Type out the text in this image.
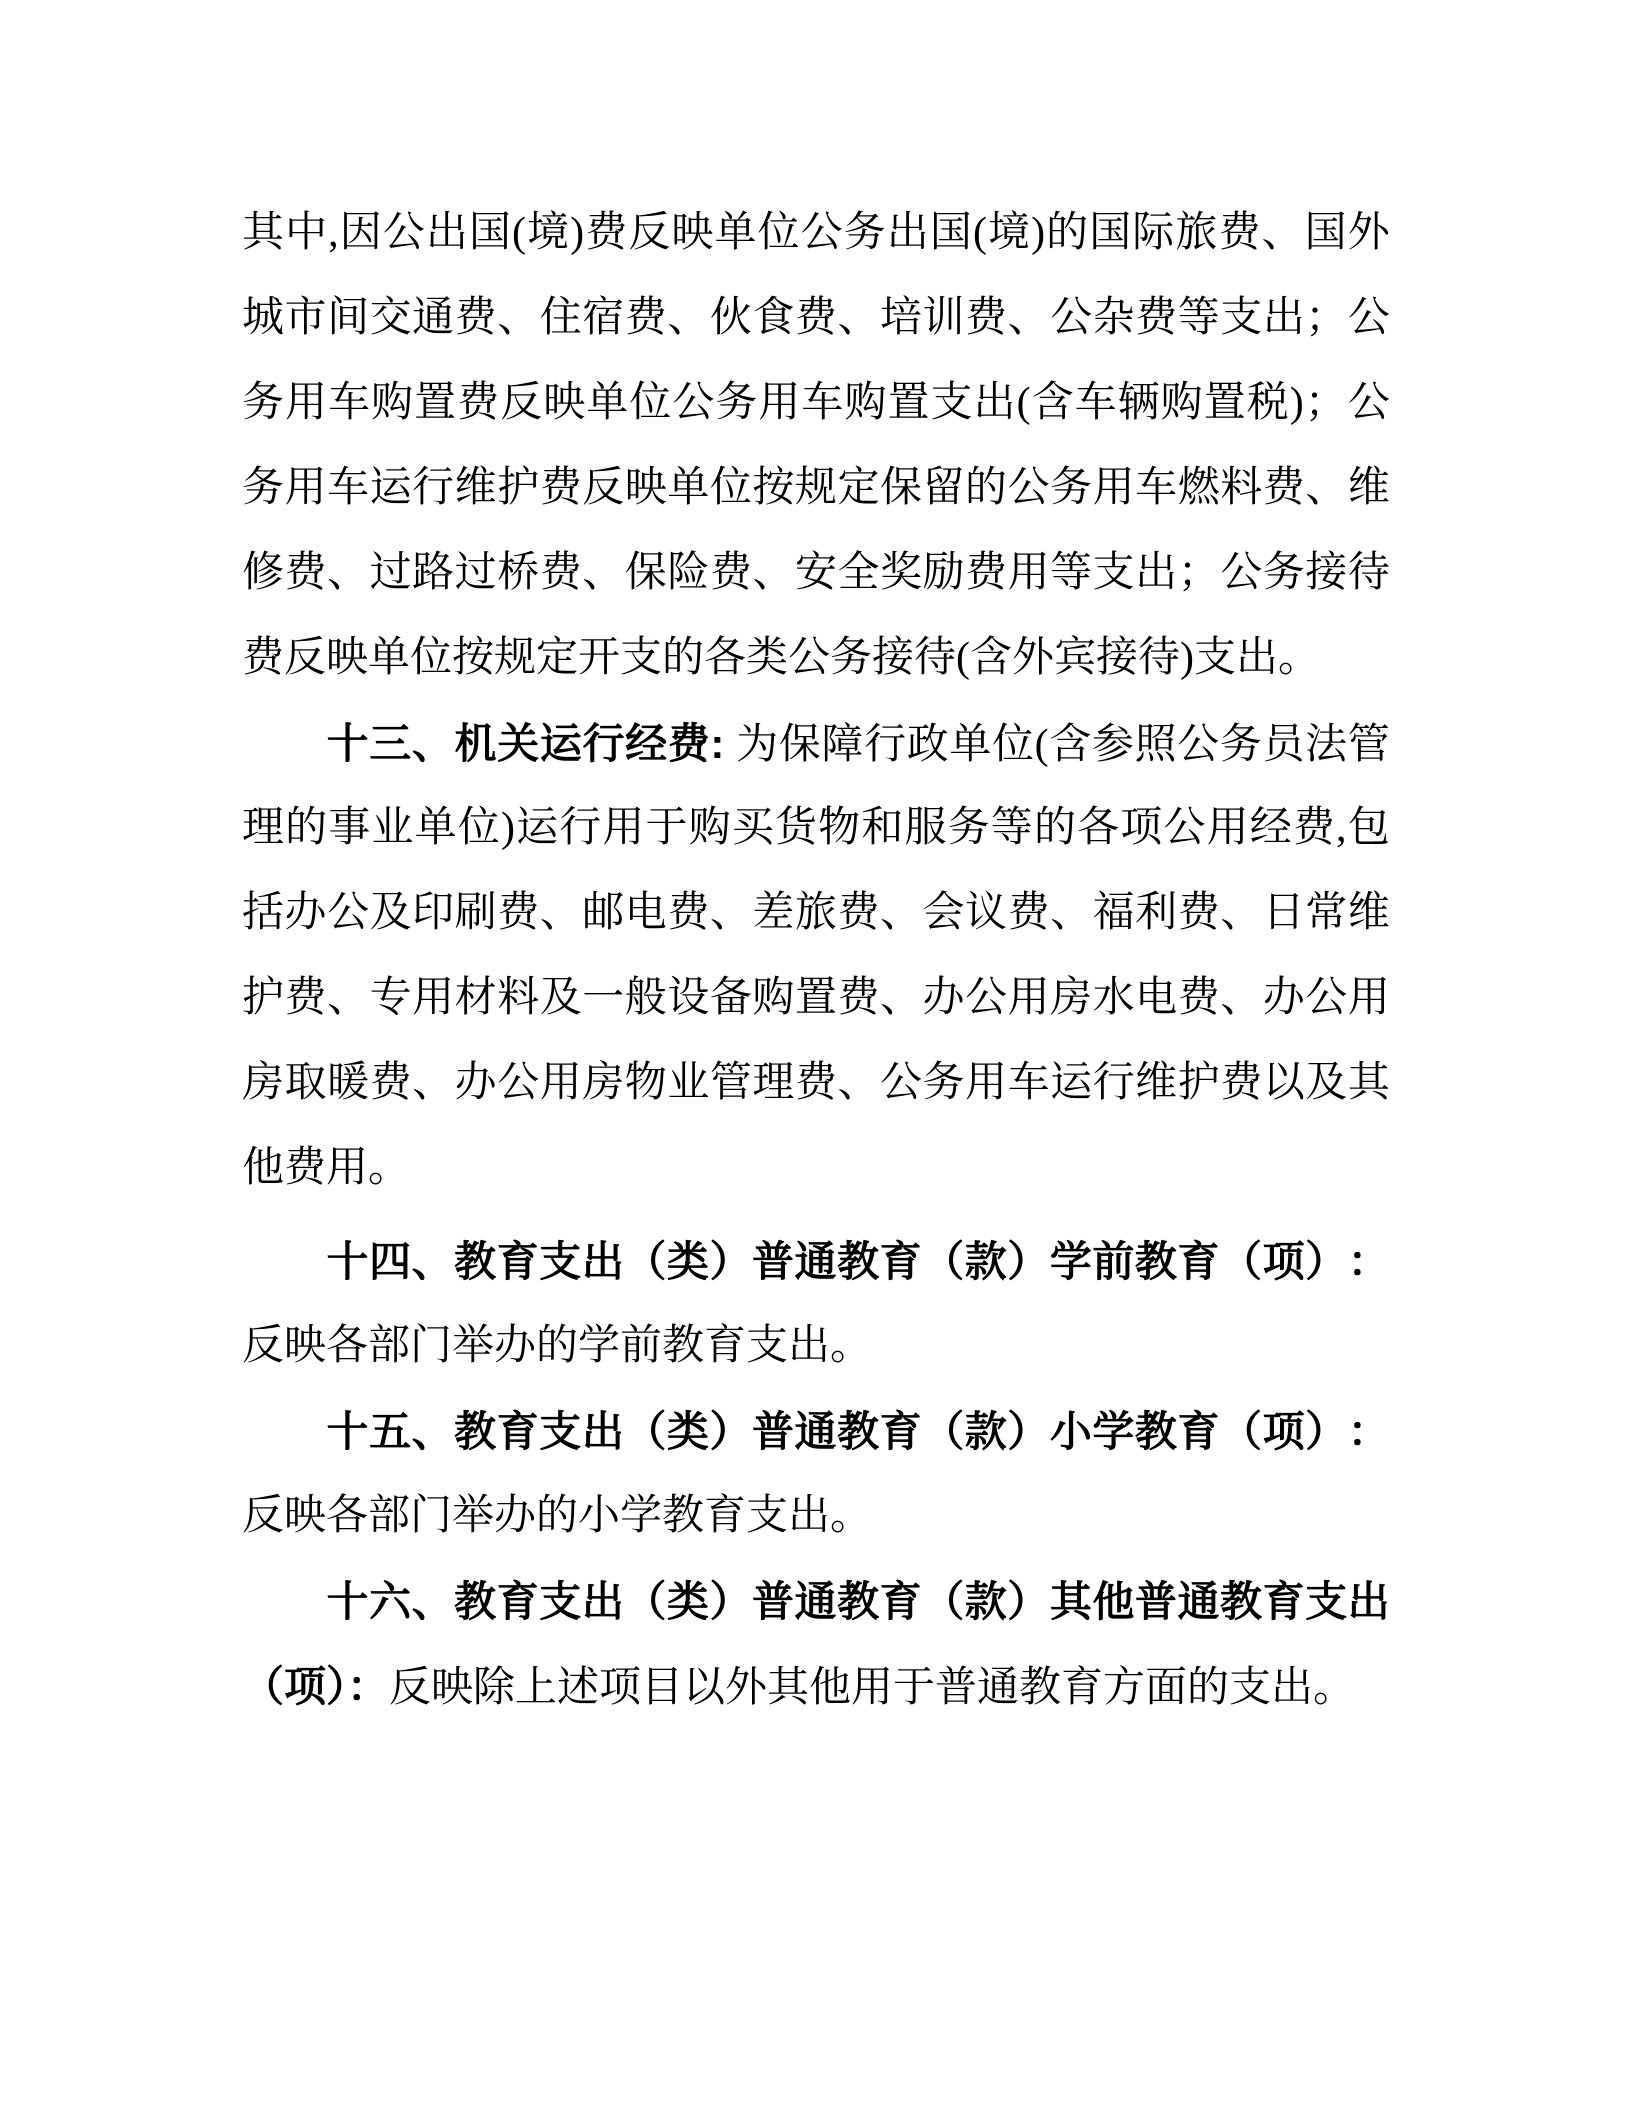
其 中 , 因 公 出 国 ( 境 ) 费 反 映 单 位 公 务 出 国 ( 境 ) 的 国 际 旅 费 、 国 外
城 市 间 交 通 费 、 住 宿 费 、 伙 食 费 、 培 训 费 、 公 杂 费 等 支 出 ； 公
务 用 车 购 置 费 反 映 单 位 公 务 用 车 购 置 支 出 ( 含 车 辆 购 置 税 ) ； 公
务 用 车 运 行 维 护 费 反 映 单 位 按 规 定 保 留 的 公 务 用 车 燃 料 费 、 维
修 费 、 过 路 过 桥 费 、 保 险 费 、 安 全 奖 励 费 用 等 支 出 ； 公 务 接 待
费反映单位按规定开支的各类公务接待(含外宾接待)支出。
十 三 、 机 关 运 行 经 费 :
为 保 障 行 政 单 位 ( 含 参 照 公 务 员 法 管
理 的 事 业 单 位 ) 运 行 用 于 购 买 货 物 和 服 务 等 的 各 项 公 用 经 费 , 包
括 办 公 及 印 刷 费 、 邮 电 费 、 差 旅 费 、 会 议 费 、 福 利 费 、 日 常 维
护 费 、 专 用 材 料 及 一 般 设 备 购 置 费 、 办 公 用 房 水 电 费 、 办 公 用
房 取 暖 费 、 办 公 用 房 物 业 管 理 费 、 公 务 用 车 运 行 维 护 费 以 及 其
他费用。
十 四 、 教 育 支 出 （ 类 ） 普 通 教 育 （ 款 ） 学 前 教 育 （ 项 ） ：
反映各部门举办的学前教育支出。
十 五 、 教 育 支 出 （ 类 ） 普 通 教 育 （ 款 ） 小 学 教 育 （ 项 ） ：
反映各部门举办的小学教育支出。
十 六 、 教 育 支 出 （ 类 ） 普 通 教 育 （ 款 ） 其 他 普 通 教 育 支 出
（项）：反映除上述项目以外其他用于普通教育方面的支出。
